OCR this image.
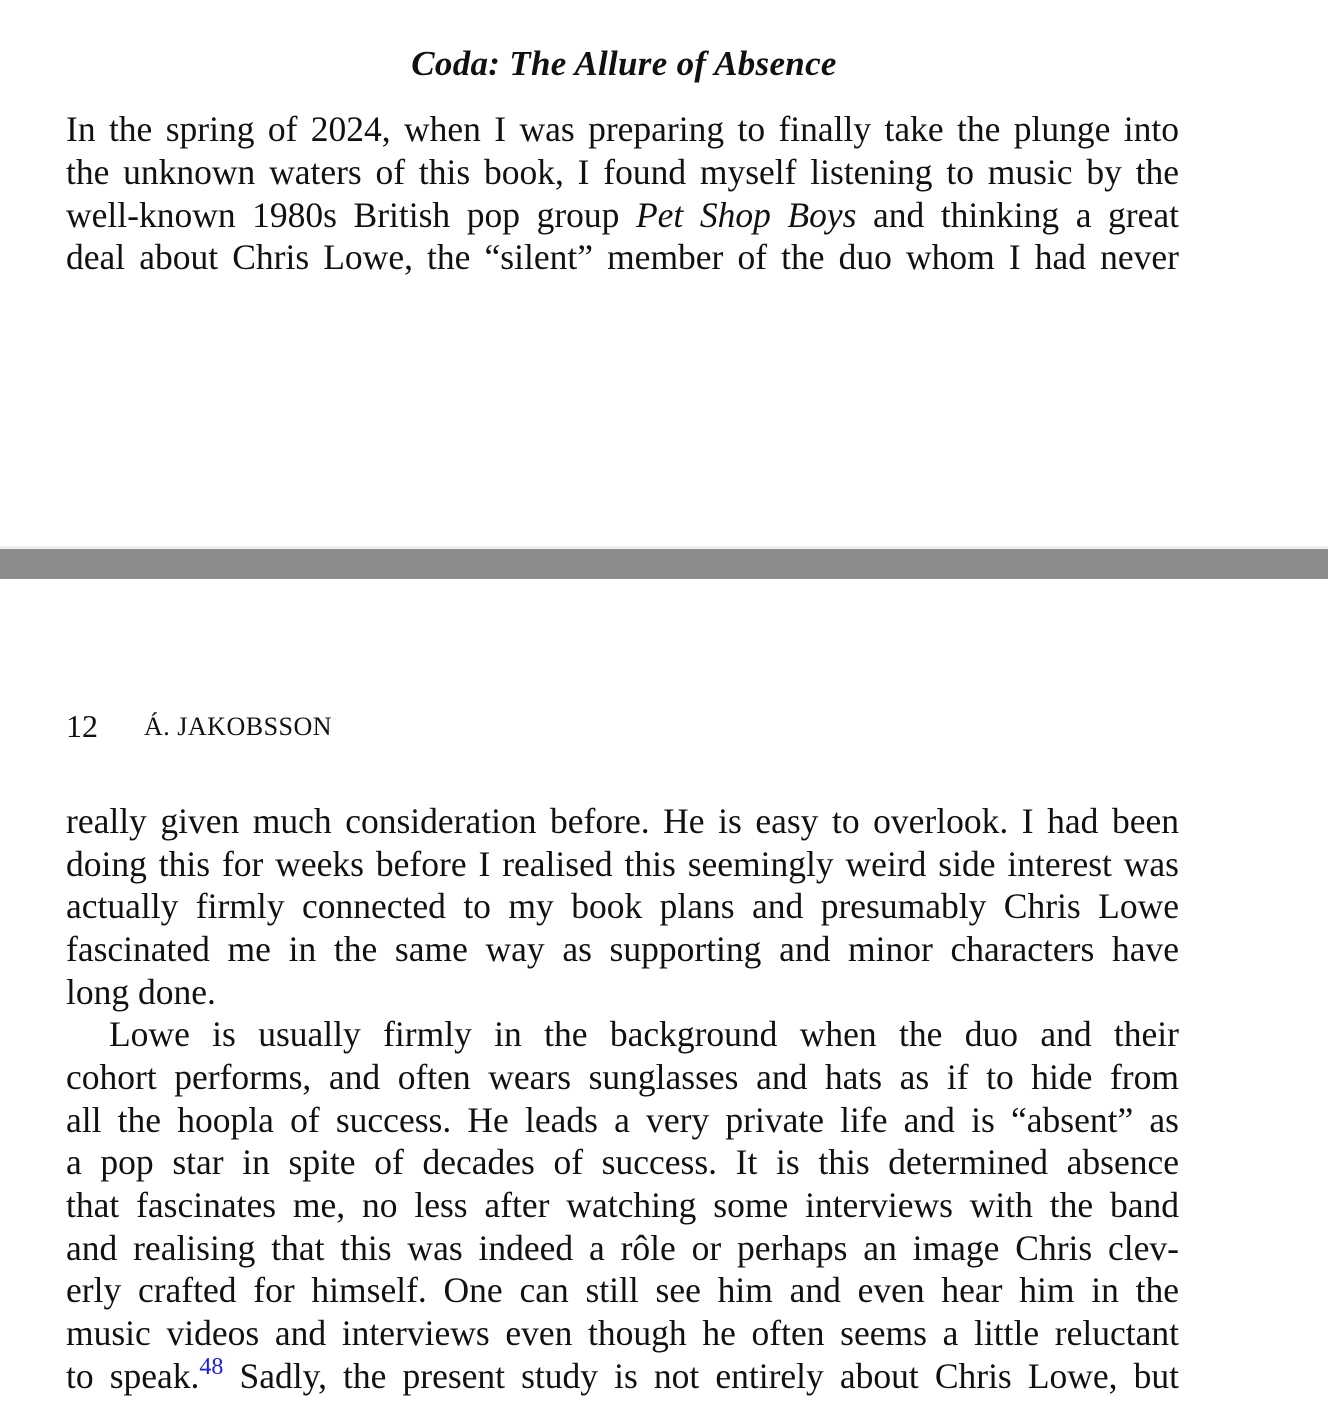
Coda: The Allure of Absence
In the spring of 2024, when I was preparing to finally take the plunge into
the unknown waters of this book, I found myself listening to music by the
well-known 1980s British pop group Pet Shop Boys and thinking a great
deal about Chris Lowe, the “silent” member of the duo whom I had never
12 Á. JAKOBSSON
really given much consideration before. He is easy to overlook. I had been
doing this for weeks before I realised this seemingly weird side interest was
actually firmly connected to my book plans and presumably Chris Lowe
fascinated me in the same way as supporting and minor characters have
long done.
Lowe is usually firmly in the background when the duo and their
cohort performs, and often wears sunglasses and hats as if to hide from
all the hoopla of success. He leads a very private life and is “absent” as
a pop star in spite of decades of success. It is this determined absence
that fascinates me, no less after watching some interviews with the band
and realising that this was indeed a rôle or perhaps an image Chris clev-
erly crafted for himself. One can still see him and even hear him in the
music videos and interviews even though he often seems a little reluctant
to speak.$^{48}$ Sadly, the present study is not entirely about Chris Lowe, but
